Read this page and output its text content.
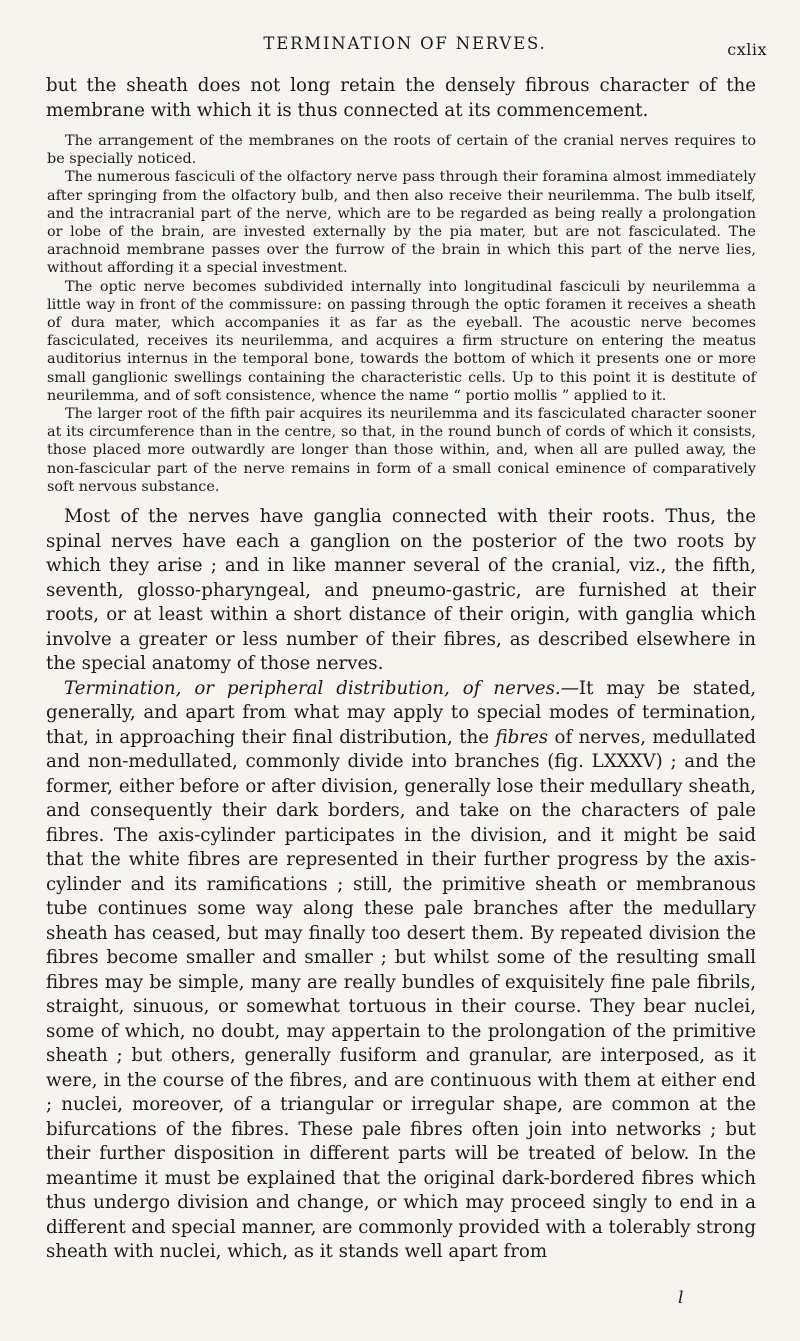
TERMINATION OF NERVES.	cxlix

but the sheath does not long retain the densely fibrous character of the membrane with which it is thus connected at its commencement.

The arrangement of the membranes on the roots of certain of the cranial nerves requires to be specially noticed.

The numerous fasciculi of the olfactory nerve pass through their foramina almost immediately after springing from the olfactory bulb, and then also receive their neurilemma. The bulb itself, and the intracranial part of the nerve, which are to be regarded as being really a prolongation or lobe of the brain, are invested externally by the pia mater, but are not fasciculated. The arachnoid membrane passes over the furrow of the brain in which this part of the nerve lies, without affording it a special investment.

The optic nerve becomes subdivided internally into longitudinal fasciculi by neurilemma a little way in front of the commissure: on passing through the optic foramen it receives a sheath of dura mater, which accompanies it as far as the eyeball. The acoustic nerve becomes fasciculated, receives its neurilemma, and acquires a firm structure on entering the meatus auditorius internus in the temporal bone, towards the bottom of which it presents one or more small ganglionic swellings containing the characteristic cells. Up to this point it is destitute of neurilemma, and of soft consistence, whence the name “ portio mollis ” applied to it.

The larger root of the fifth pair acquires its neurilemma and its fasciculated character sooner at its circumference than in the centre, so that, in the round bunch of cords of which it consists, those placed more outwardly are longer than those within, and, when all are pulled away, the non-fascicular part of the nerve remains in form of a small conical eminence of comparatively soft nervous substance.

Most of the nerves have ganglia connected with their roots. Thus, the spinal nerves have each a ganglion on the posterior of the two roots by which they arise ; and in like manner several of the cranial, viz., the fifth, seventh, glosso-pharyngeal, and pneumo-gastric, are furnished at their roots, or at least within a short distance of their origin, with ganglia which involve a greater or less number of their fibres, as described elsewhere in the special anatomy of those nerves.

Termination, or peripheral distribution, of nerves.—It may be stated, generally, and apart from what may apply to special modes of termination, that, in approaching their final distribution, the fibres of nerves, medullated and non-medullated, commonly divide into branches (fig. LXXXV) ; and the former, either before or after division, generally lose their medullary sheath, and consequently their dark borders, and take on the characters of pale fibres. The axis-cylinder participates in the division, and it might be said that the white fibres are represented in their further progress by the axis-cylinder and its ramifications ; still, the primitive sheath or membranous tube continues some way along these pale branches after the medullary sheath has ceased, but may finally too desert them. By repeated division the fibres become smaller and smaller ; but whilst some of the resulting small fibres may be simple, many are really bundles of exquisitely fine pale fibrils, straight, sinuous, or somewhat tortuous in their course. They bear nuclei, some of which, no doubt, may appertain to the prolongation of the primitive sheath ; but others, generally fusiform and granular, are interposed, as it were, in the course of the fibres, and are continuous with them at either end ; nuclei, moreover, of a triangular or irregular shape, are common at the bifurcations of the fibres. These pale fibres often join into networks ; but their further disposition in different parts will be treated of below. In the meantime it must be explained that the original dark-bordered fibres which thus undergo division and change, or which may proceed singly to end in a different and special manner, are commonly provided with a tolerably strong sheath with nuclei, which, as it stands well apart from

l
